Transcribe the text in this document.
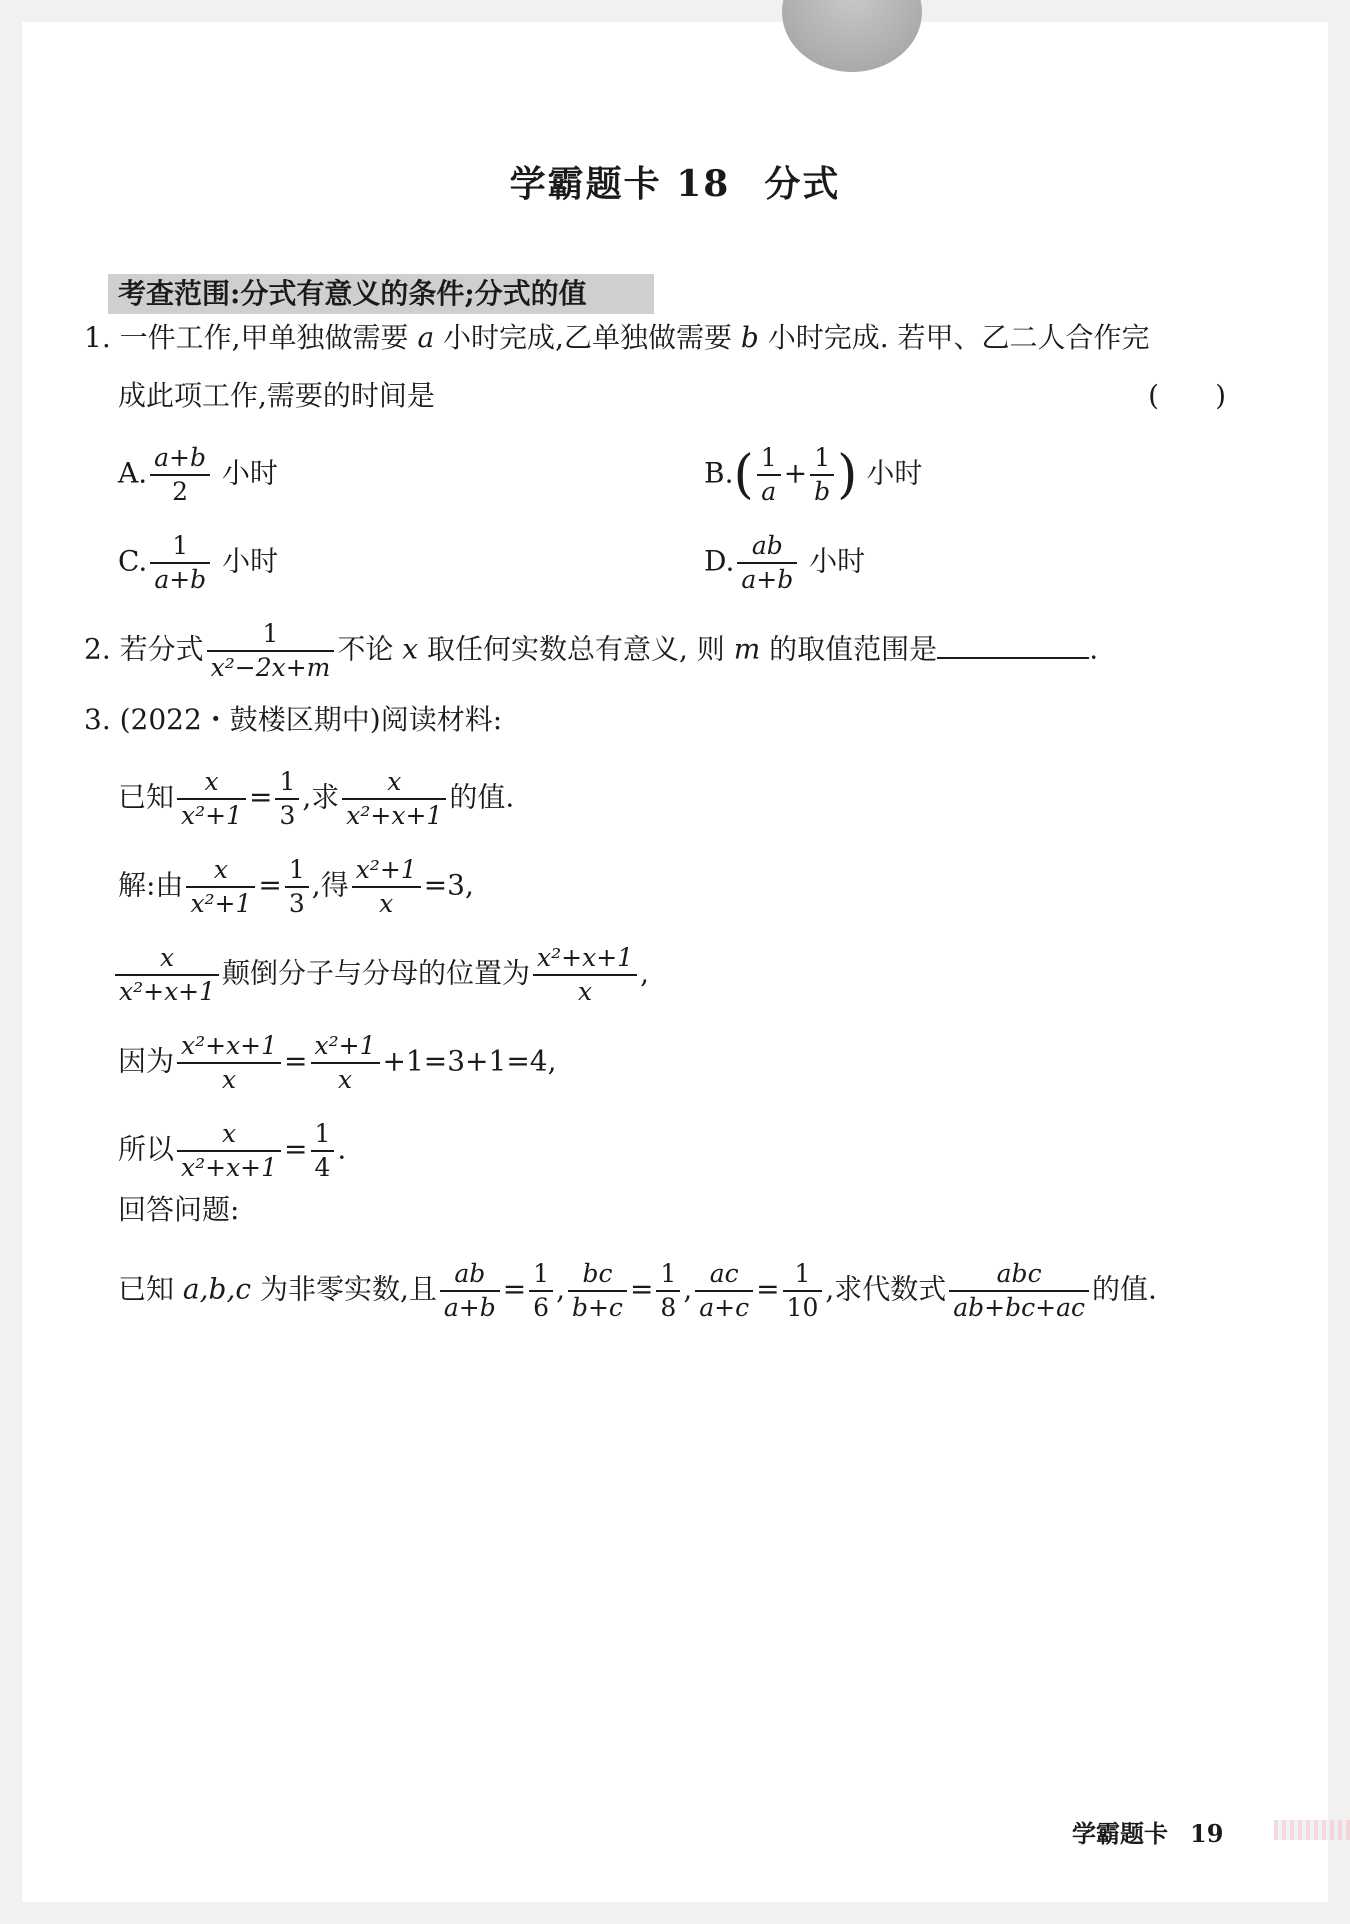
学霸题卡 18 分式
考查范围:分式有意义的条件;分式的值
1. 一件工作,甲单独做需要 a 小时完成,乙单独做需要 b 小时完成. 若甲、乙二人合作完
成此项工作,需要的时间是	(　　)
A. $\frac{a+b}{2}$ 小时	$B.( \frac{1}{a} + \frac{1}{b}$ ) 小时
C. $\frac{1}{a+b}$ 小时	D. $\frac{ab}{a+b}$ 小时
2. 若分式 $\frac{1}{\text{x²−2x+m}}$ 不论 x 取任何实数总有意义, 则 m 的取值范围是	.
3. (2022・鼓楼区期中)阅读材料:
已知 $\frac{x}{\text{x²+1}} = \frac{1}{3}$ ,求 $\frac{x}{\text{x²+x+1}}$ 的值.
解:由 $\frac{x}{\text{x²+1}} = \frac{1}{3}$ ,得 $\frac{\text{x²+1}}{x} =3$,
$\frac{x}{\text{x²+x+1}}$ 颠倒分子与分母的位置为 $\frac{\text{x²+x+1}}{x}$ ,
因为 $\frac{\text{x²+x+1}}{x} = \frac{\text{x²+1}}{x} +1=3+1=4$,
所以 $\frac{x}{\text{x²+x+1}} = \frac{1}{4}$ .
回答问题:
已知 a,b,c 为非零实数,且 $\frac{ab}{a+b} = \frac{1}{6}$ , $\frac{bc}{b+c} = \frac{1}{8}$ , $\frac{ac}{a+c} = \frac{1}{10}$ ,求代数式 $\frac{\text{abc}}{ab+bc+ac}$ 的值.
学霸题卡 19
